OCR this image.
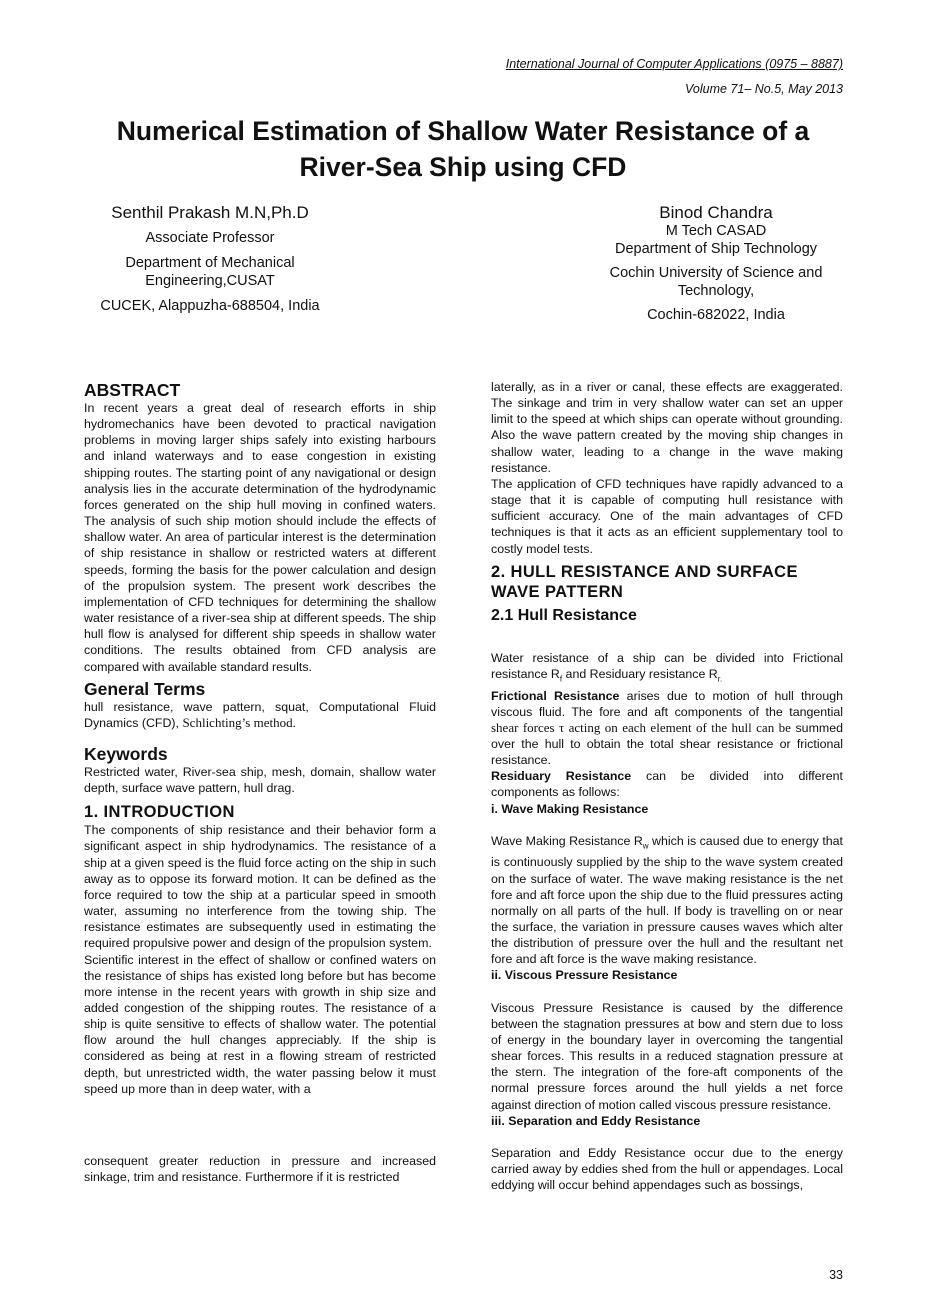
International Journal of Computer Applications (0975 – 8887)
Volume 71– No.5, May 2013
Numerical Estimation of Shallow Water Resistance of a
River-Sea Ship using CFD
Senthil Prakash M.N,Ph.D
Associate Professor
Department of Mechanical
Engineering,CUSAT
CUCEK, Alappuzha-688504, India
Binod Chandra
M Tech CASAD
Department of Ship Technology
Cochin University of Science and
Technology,
Cochin-682022, India
ABSTRACT

In recent years a great deal of research efforts in ship hydromechanics have been devoted to practical navigation problems in moving larger ships safely into existing harbours and inland waterways and to ease congestion in existing shipping routes. The starting point of any navigational or design analysis lies in the accurate determination of the hydrodynamic forces generated on the ship hull moving in confined waters. The analysis of such ship motion should include the effects of shallow water. An area of particular interest is the determination of ship resistance in shallow or restricted waters at different speeds, forming the basis for the power calculation and design of the propulsion system. The present work describes the implementation of CFD techniques for determining the shallow water resistance of a river-sea ship at different speeds. The ship hull flow is analysed for different ship speeds in shallow water conditions. The results obtained from CFD analysis are compared with available standard results.

General Terms

hull resistance, wave pattern, squat, Computational Fluid Dynamics (CFD), Schlichting’s method.

Keywords

Restricted water, River-sea ship, mesh, domain, shallow water depth, surface wave pattern, hull drag.

1. INTRODUCTION

The components of ship resistance and their behavior form a significant aspect in ship hydrodynamics. The resistance of a ship at a given speed is the fluid force acting on the ship in such away as to oppose its forward motion. It can be defined as the force required to tow the ship at a particular speed in smooth water, assuming no interference from the towing ship. The resistance estimates are subsequently used in estimating the required propulsive power and design of the propulsion system.

Scientific interest in the effect of shallow or confined waters on the resistance of ships has existed long before but has become more intense in the recent years with growth in ship size and added congestion of the shipping routes. The resistance of a ship is quite sensitive to effects of shallow water. The potential flow around the hull changes appreciably. If the ship is considered as being at rest in a flowing stream of restricted depth, but unrestricted width, the water passing below it must speed up more than in deep water, with a

consequent greater reduction in pressure and increased sinkage, trim and resistance. Furthermore if it is restricted

laterally, as in a river or canal, these effects are exaggerated. The sinkage and trim in very shallow water can set an upper limit to the speed at which ships can operate without grounding. Also the wave pattern created by the moving ship changes in shallow water, leading to a change in the wave making resistance.

The application of CFD techniques have rapidly advanced to a stage that it is capable of computing hull resistance with sufficient accuracy. One of the main advantages of CFD techniques is that it acts as an efficient supplementary tool to costly model tests.

2. HULL RESISTANCE AND SURFACE
WAVE PATTERN
2.1 Hull Resistance

Water resistance of a ship can be divided into Frictional resistance $R_f$ and Residuary resistance $R_{r.}$

Frictional Resistance arises due to motion of hull through viscous fluid. The fore and aft components of the tangential shear forces τ acting on each element of the hull can be summed over the hull to obtain the total shear resistance or frictional resistance.

Residuary Resistance can be divided into different components as follows:

i. Wave Making Resistance

Wave Making Resistance $R_w$ which is caused due to energy that is continuously supplied by the ship to the wave system created on the surface of water. The wave making resistance is the net fore and aft force upon the ship due to the fluid pressures acting normally on all parts of the hull. If body is travelling on or near the surface, the variation in pressure causes waves which alter the distribution of pressure over the hull and the resultant net fore and aft force is the wave making resistance.

ii. Viscous Pressure Resistance

Viscous Pressure Resistance is caused by the difference between the stagnation pressures at bow and stern due to loss of energy in the boundary layer in overcoming the tangential shear forces. This results in a reduced stagnation pressure at the stern. The integration of the fore-aft components of the normal pressure forces around the hull yields a net force against direction of motion called viscous pressure resistance.

iii. Separation and Eddy Resistance

Separation and Eddy Resistance occur due to the energy carried away by eddies shed from the hull or appendages. Local eddying will occur behind appendages such as bossings,

33
